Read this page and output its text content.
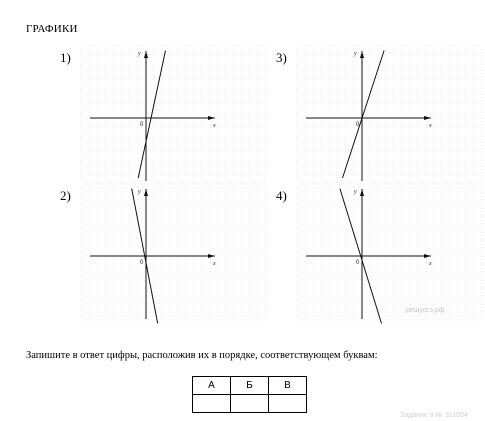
ГРАФИКИ
1)
x
y
0
3)
x
y
0
2)
x
y
0
4)
x
y
0
решуогэ.рф
Запишите в ответ цифры, расположив их в порядке, соответствующем буквам:
А	Б	В

Задание 8 № 311094
